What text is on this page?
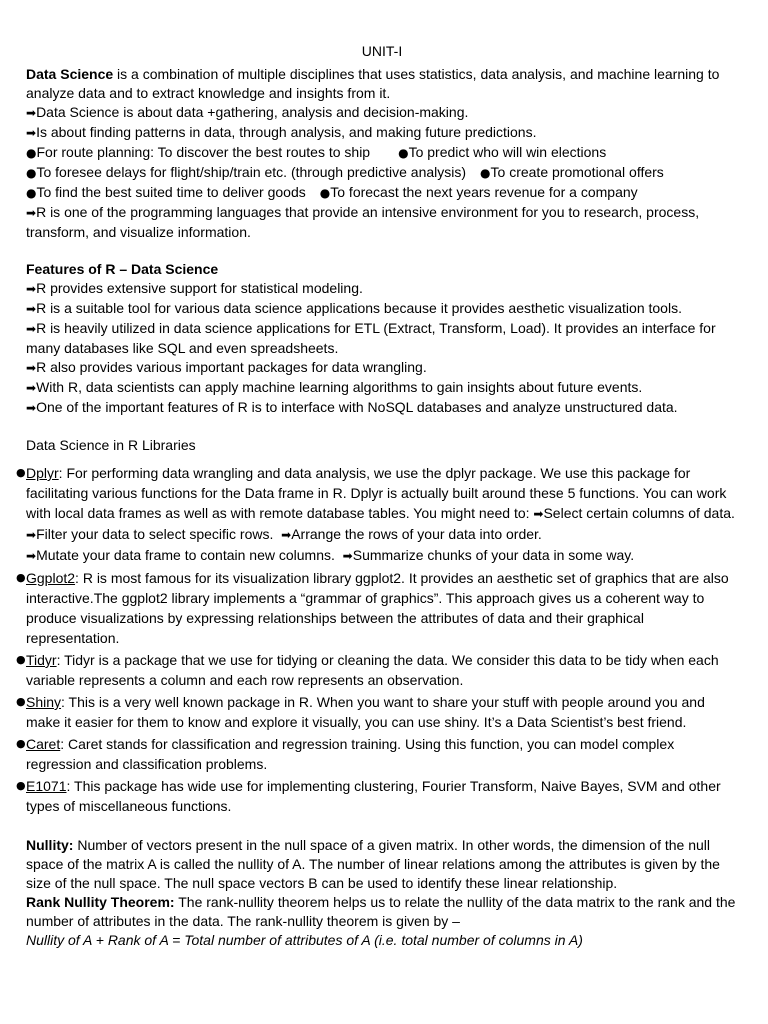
UNIT-I

Data Science is a combination of multiple disciplines that uses statistics, data analysis, and machine learning to analyze data and to extract knowledge and insights from it.

➡Data Science is about data +gathering, analysis and decision-making.

➡Is about finding patterns in data, through analysis, and making future predictions.

●For route planning: To discover the best routes to ship ●To predict who will win elections

●To foresee delays for flight/ship/train etc. (through predictive analysis) ●To create promotional offers

●To find the best suited time to deliver goods ●To forecast the next years revenue for a company

➡R is one of the programming languages that provide an intensive environment for you to research, process, transform, and visualize information.

Features of R – Data Science

➡R provides extensive support for statistical modeling.

➡R is a suitable tool for various data science applications because it provides aesthetic visualization tools.

➡R is heavily utilized in data science applications for ETL (Extract, Transform, Load). It provides an interface for many databases like SQL and even spreadsheets.

➡R also provides various important packages for data wrangling.

➡With R, data scientists can apply machine learning algorithms to gain insights about future events.

➡One of the important features of R is to interface with NoSQL databases and analyze unstructured data.

Data Science in R Libraries

● Dplyr: For performing data wrangling and data analysis, we use the dplyr package. We use this package for facilitating various functions for the Data frame in R. Dplyr is actually built around these 5 functions. You can work with local data frames as well as with remote database tables. You might need to: ➡Select certain columns of data.
➡Filter your data to select specific rows. ➡Arrange the rows of your data into order.
➡Mutate your data frame to contain new columns. ➡Summarize chunks of your data in some way.
● Ggplot2: R is most famous for its visualization library ggplot2. It provides an aesthetic set of graphics that are also interactive.The ggplot2 library implements a “grammar of graphics”. This approach gives us a coherent way to produce visualizations by expressing relationships between the attributes of data and their graphical representation.
● Tidyr: Tidyr is a package that we use for tidying or cleaning the data. We consider this data to be tidy when each variable represents a column and each row represents an observation.
● Shiny: This is a very well known package in R. When you want to share your stuff with people around you and make it easier for them to know and explore it visually, you can use shiny. It’s a Data Scientist’s best friend.
● Caret: Caret stands for classification and regression training. Using this function, you can model complex regression and classification problems.
● E1071: This package has wide use for implementing clustering, Fourier Transform, Naive Bayes, SVM and other types of miscellaneous functions.

Nullity: Number of vectors present in the null space of a given matrix. In other words, the dimension of the null space of the matrix A is called the nullity of A. The number of linear relations among the attributes is given by the size of the null space. The null space vectors B can be used to identify these linear relationship.

Rank Nullity Theorem: The rank-nullity theorem helps us to relate the nullity of the data matrix to the rank and the number of attributes in the data. The rank-nullity theorem is given by –

Nullity of A + Rank of A = Total number of attributes of A (i.e. total number of columns in A)
